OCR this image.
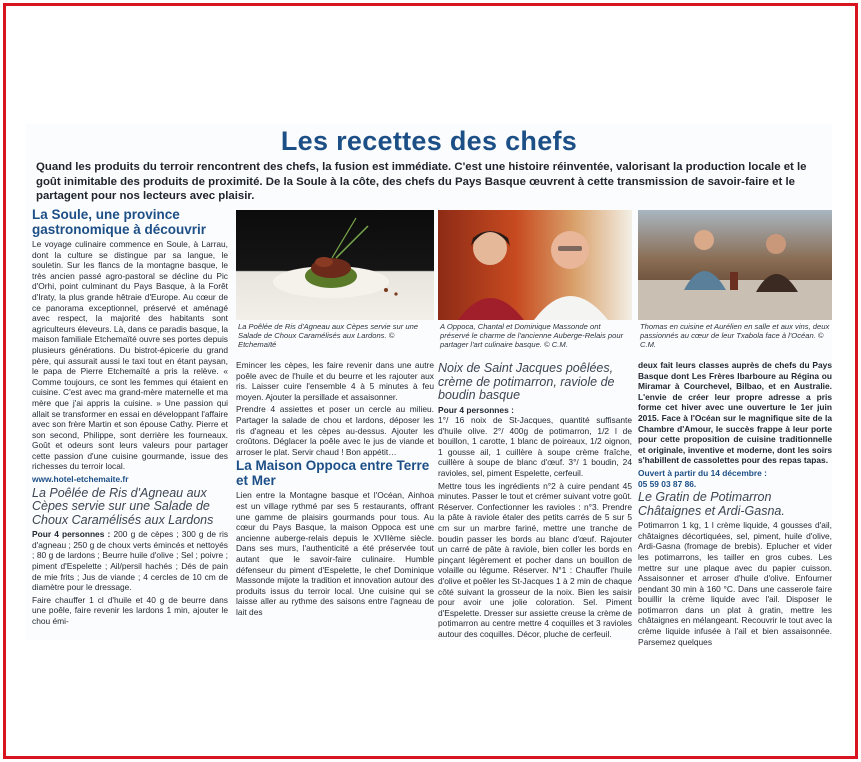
Les recettes des chefs
Quand les produits du terroir rencontrent des chefs, la fusion est immédiate. C'est une histoire réinventée, valorisant la production locale et le goût inimitable des produits de proximité. De la Soule à la côte, des chefs du Pays Basque œuvrent à cette transmission de savoir-faire et le partagent pour nos lecteurs avec plaisir.
La Soule, une province gastronomique à découvrir
Le voyage culinaire commence en Soule, à Larrau, dont la culture se distingue par sa langue, le souletin. Sur les flancs de la montagne basque, le très ancien passé agro-pastoral se décline du Pic d'Orhi, point culminant du Pays Basque, à la Forêt d'Iraty, la plus grande hêtraie d'Europe. Au cœur de ce panorama exceptionnel, préservé et aménagé avec respect, la majorité des habitants sont agriculteurs éleveurs. Là, dans ce paradis basque, la maison familiale Etchemaïté ouvre ses portes depuis plusieurs générations. Du bistrot-épicerie du grand père, qui assurait aussi le taxi tout en étant paysan, le papa de Pierre Etchemaïté a pris la relève. « Comme toujours, ce sont les femmes qui étaient en cuisine. C'est avec ma grand-mère maternelle et ma mère que j'ai appris la cuisine. » Une passion qui allait se transformer en essai en développant l'affaire avec son frère Martin et son épouse Cathy. Pierre et son second, Philippe, sont derrière les fourneaux. Goût et odeurs sont leurs valeurs pour partager cette passion d'une cuisine gourmande, issue des richesses du terroir local.
www.hotel-etchemaite.fr
La Poêlée de Ris d'Agneau aux Cèpes servie sur une Salade de Choux Caramélisés aux Lardons
Pour 4 personnes : 200 g de cèpes ; 300 g de ris d'agneau ; 250 g de choux verts émincés et nettoyés ; 80 g de lardons ; Beurre huile d'olive ; Sel ; poivre ; piment d'Espelette ; Ail/persil hachés ; Dés de pain de mie frits ; Jus de viande ; 4 cercles de 10 cm de diamètre pour le dressage.
Faire chauffer 1 cl d'huile et 40 g de beurre dans une poêle, faire revenir les lardons 1 min, ajouter le chou émi-
La Poêlée de Ris d'Agneau aux Cèpes servie sur une Salade de Choux Caramélisés aux Lardons. © Etchemaïté
A Oppoca, Chantal et Dominique Massonde ont préservé le charme de l'ancienne Auberge-Relais pour partager l'art culinaire basque. © C.M.
Thomas en cuisine et Aurélien en salle et aux vins, deux passionnés au cœur de leur Txabola face à l'Océan. © C.M.
Emincer les cèpes, les faire revenir dans une autre poêle avec de l'huile et du beurre et les rajouter aux ris. Laisser cuire l'ensemble 4 à 5 minutes à feu moyen. Ajouter la persillade et assaisonner.
Prendre 4 assiettes et poser un cercle au milieu. Partager la salade de chou et lardons, déposer les ris d'agneau et les cèpes au-dessus. Ajouter les croûtons. Déglacer la poêle avec le jus de viande et arroser le plat. Servir chaud ! Bon appétit…
La Maison Oppoca entre Terre et Mer
Lien entre la Montagne basque et l'Océan, Ainhoa est un village rythmé par ses 5 restaurants, offrant une gamme de plaisirs gourmands pour tous. Au cœur du Pays Basque, la maison Oppoca est une ancienne auberge-relais depuis le XVIIème siècle. Dans ses murs, l'authenticité a été préservée tout autant que le savoir-faire culinaire. Humble défenseur du piment d'Espelette, le chef Dominique Massonde mijote la tradition et innovation autour des produits issus du terroir local. Une cuisine qui se laisse aller au rythme des saisons entre l'agneau de lait des
Noix de Saint Jacques poêlées, crème de potimarron, raviole de boudin basque
Pour 4 personnes :
1°/ 16 noix de St-Jacques, quantité suffisante d'huile olive. 2°/ 400g de potimarron, 1/2 l de bouillon, 1 carotte, 1 blanc de poireaux, 1/2 oignon, 1 gousse ail, 1 cuillère à soupe crème fraîche, cuillère à soupe de blanc d'œuf. 3°/ 1 boudin, 24 ravioles, sel, piment Espelette, cerfeuil.
Mettre tous les ingrédients n°2 à cuire pendant 45 minutes. Passer le tout et crémer suivant votre goût. Réserver. Confectionner les ravioles : n°3. Prendre la pâte à raviole étaler des petits carrés de 5 sur 5 cm sur un marbre fariné, mettre une tranche de boudin passer les bords au blanc d'œuf. Rajouter un carré de pâte à raviole, bien coller les bords en pinçant légèrement et pocher dans un bouillon de volaille ou légume. Réserver. N°1 : Chauffer l'huile d'olive et poêler les St-Jacques 1 à 2 min de chaque côté suivant la grosseur de la noix. Bien les saisir pour avoir une jolie coloration. Sel. Piment d'Espelette. Dresser sur assiette creuse la crème de potimarron au centre mettre 4 coquilles et 3 ravioles autour des coquilles. Décor, pluche de cerfeuil.
deux fait leurs classes auprès de chefs du Pays Basque dont Les Frères Ibarboure au Régina ou Miramar à Courchevel, Bilbao, et en Australie. L'envie de créer leur propre adresse a pris forme cet hiver avec une ouverture le 1er juin 2015. Face à l'Océan sur le magnifique site de la Chambre d'Amour, le succès frappe à leur porte pour cette proposition de cuisine traditionnelle et originale, inventive et moderne, dont les soirs s'habillent de cassolettes pour des repas tapas.
Ouvert à partir du 14 décembre :
05 59 03 87 86.
Le Gratin de Potimarron Châtaignes et Ardi-Gasna.
Potimarron 1 kg, 1 l crème liquide, 4 gousses d'ail, châtaignes décortiquées, sel, piment, huile d'olive, Ardi-Gasna (fromage de brebis). Eplucher et vider les potimarrons, les tailler en gros cubes. Les mettre sur une plaque avec du papier cuisson. Assaisonner et arroser d'huile d'olive. Enfourner pendant 30 min à 160 °C. Dans une casserole faire bouillir la crème liquide avec l'ail. Disposer le potimarron dans un plat à gratin, mettre les châtaignes en mélangeant. Recouvrir le tout avec la crème liquide infusée à l'ail et bien assaisonnée. Parsemez quelques
